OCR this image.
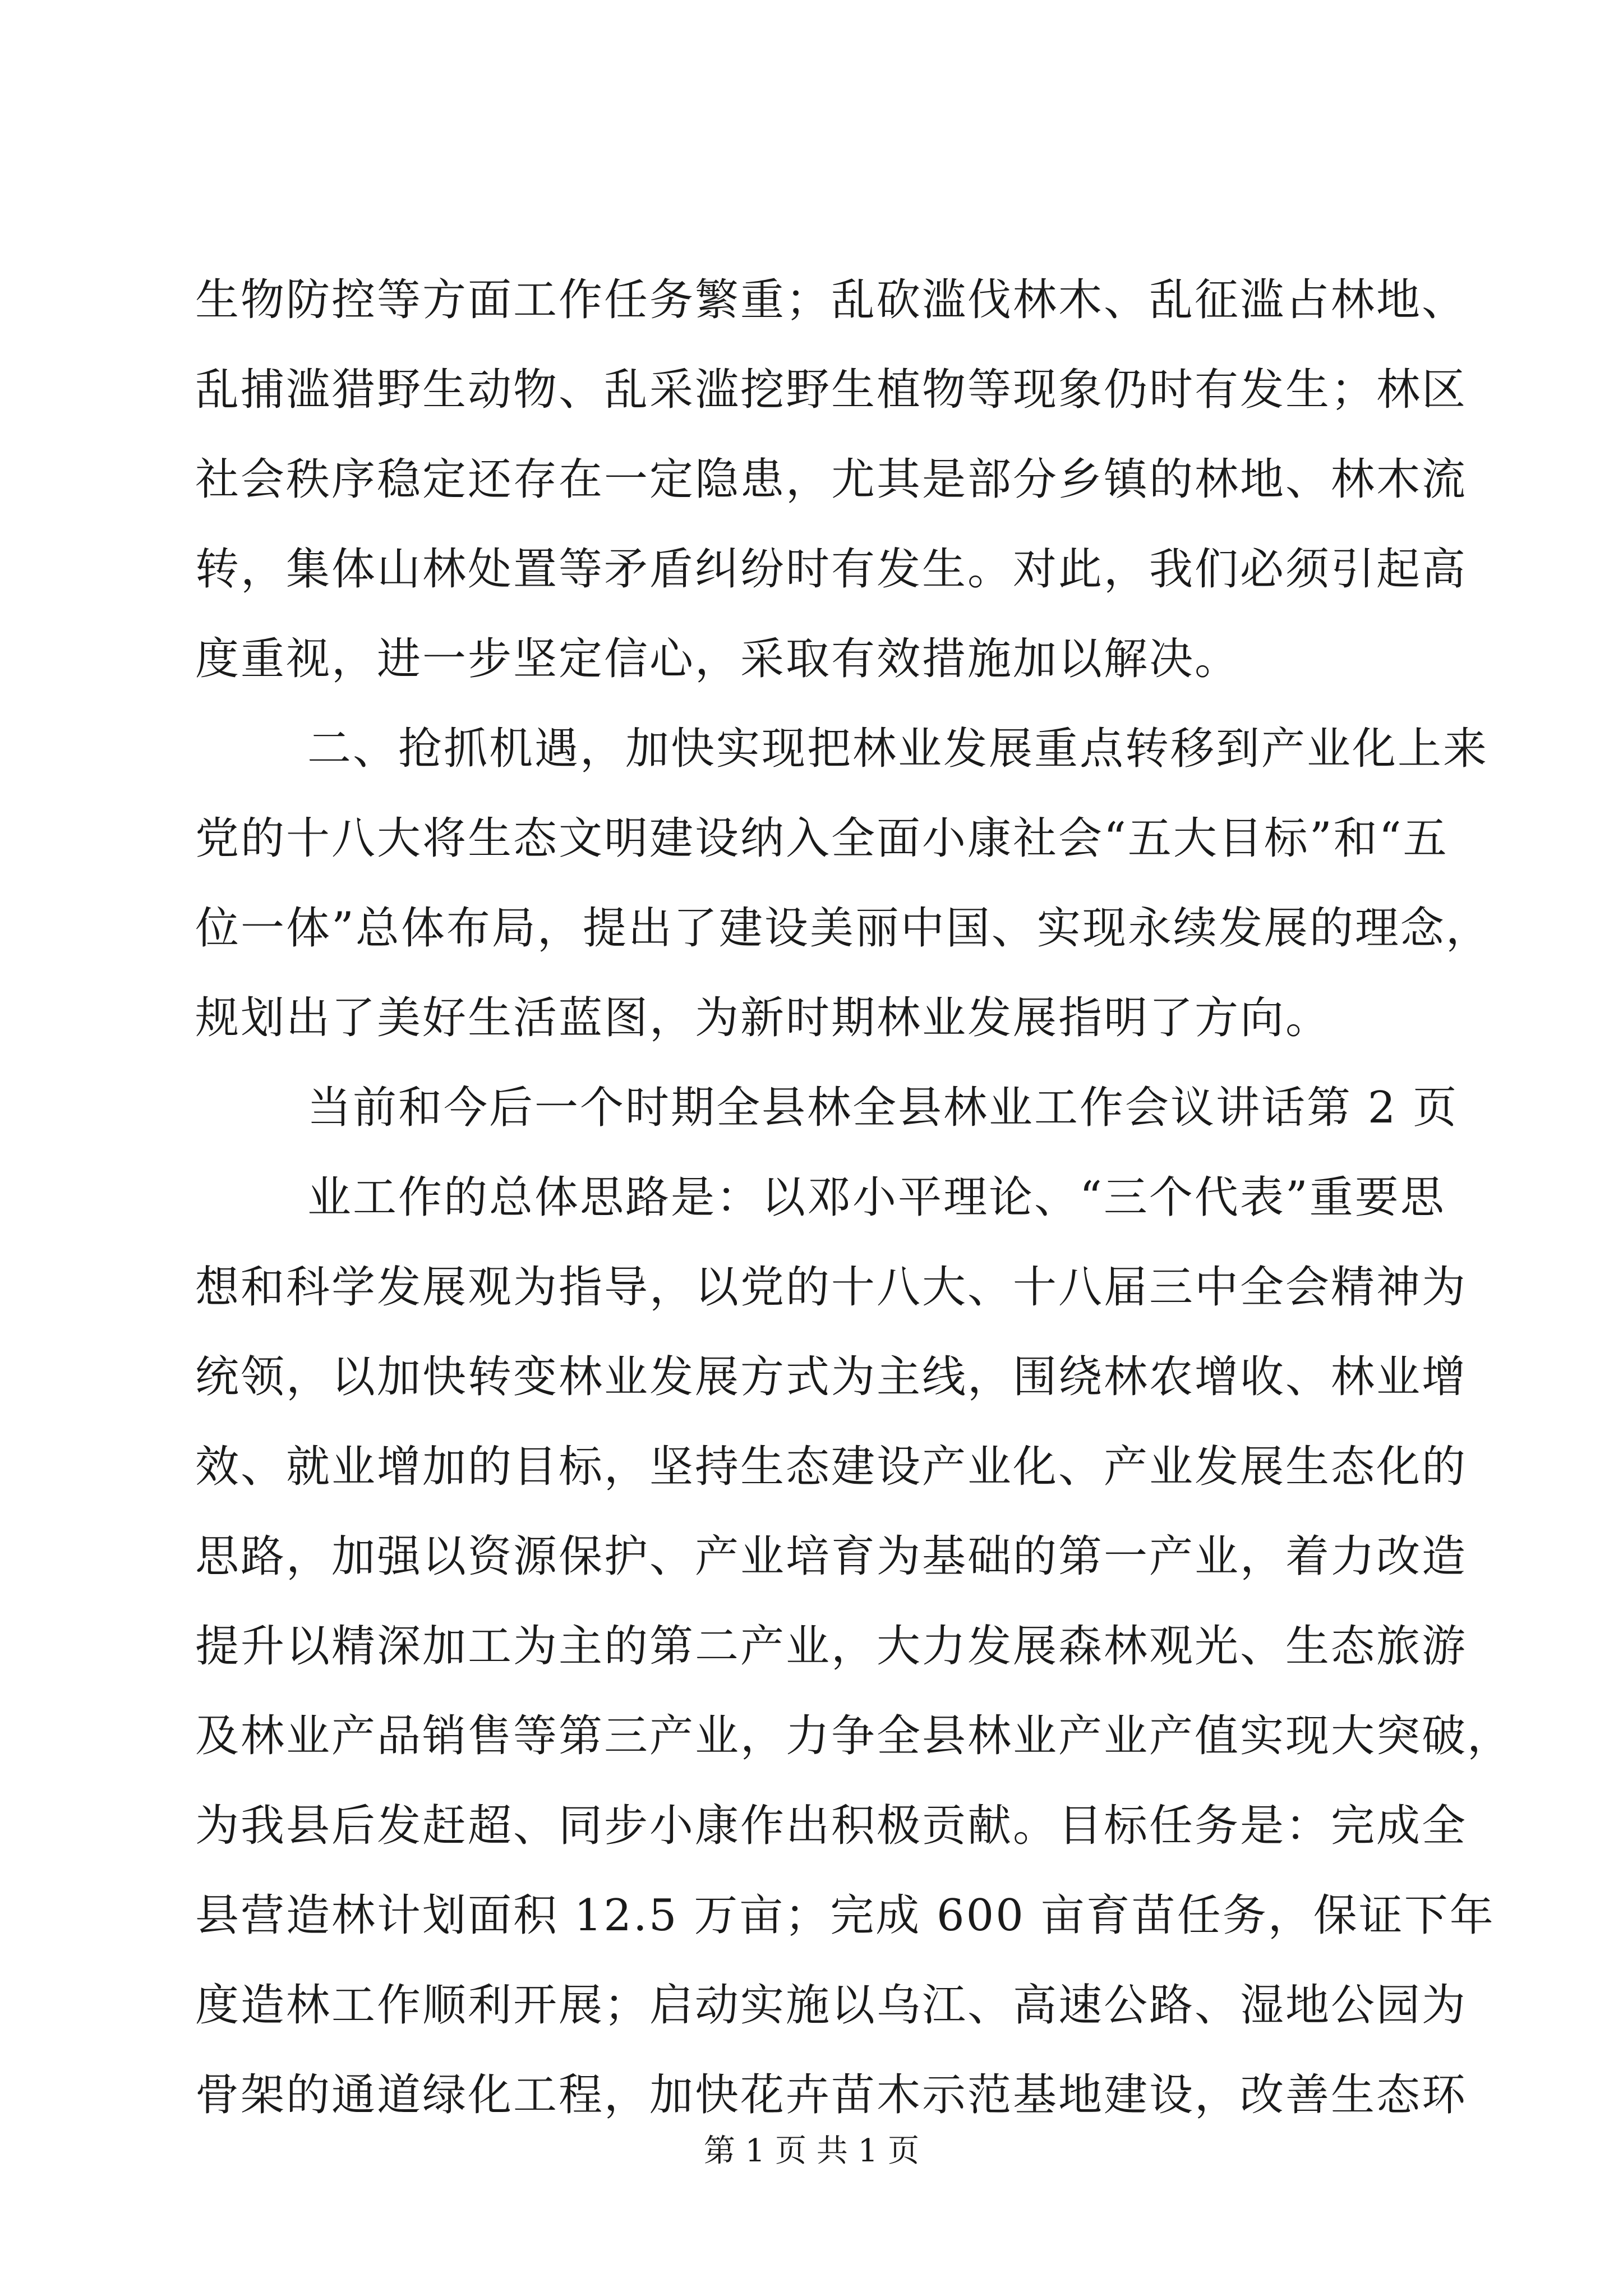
生物防控等方面工作任务繁重；乱砍滥伐林木、乱征滥占林地、
乱捕滥猎野生动物、乱采滥挖野生植物等现象仍时有发生；林区
社会秩序稳定还存在一定隐患，尤其是部分乡镇的林地、林木流
转，集体山林处置等矛盾纠纷时有发生。对此，我们必须引起高
度重视，进一步坚定信心，采取有效措施加以解决。
二、抢抓机遇，加快实现把林业发展重点转移到产业化上来
党的十八大将生态文明建设纳入全面小康社会“五大目标”和“五
位一体”总体布局，提出了建设美丽中国、实现永续发展的理念，
规划出了美好生活蓝图，为新时期林业发展指明了方向。
当前和今后一个时期全县林全县林业工作会议讲话第 2 页
业工作的总体思路是：以邓小平理论、“三个代表”重要思
想和科学发展观为指导，以党的十八大、十八届三中全会精神为
统领，以加快转变林业发展方式为主线，围绕林农增收、林业增
效、就业增加的目标，坚持生态建设产业化、产业发展生态化的
思路，加强以资源保护、产业培育为基础的第一产业，着力改造
提升以精深加工为主的第二产业，大力发展森林观光、生态旅游
及林业产品销售等第三产业，力争全县林业产业产值实现大突破，
为我县后发赶超、同步小康作出积极贡献。目标任务是：完成全
县营造林计划面积 12.5 万亩；完成 600 亩育苗任务，保证下年
度造林工作顺利开展；启动实施以乌江、高速公路、湿地公园为
骨架的通道绿化工程，加快花卉苗木示范基地建设，改善生态环
第 1 页 共 1 页
